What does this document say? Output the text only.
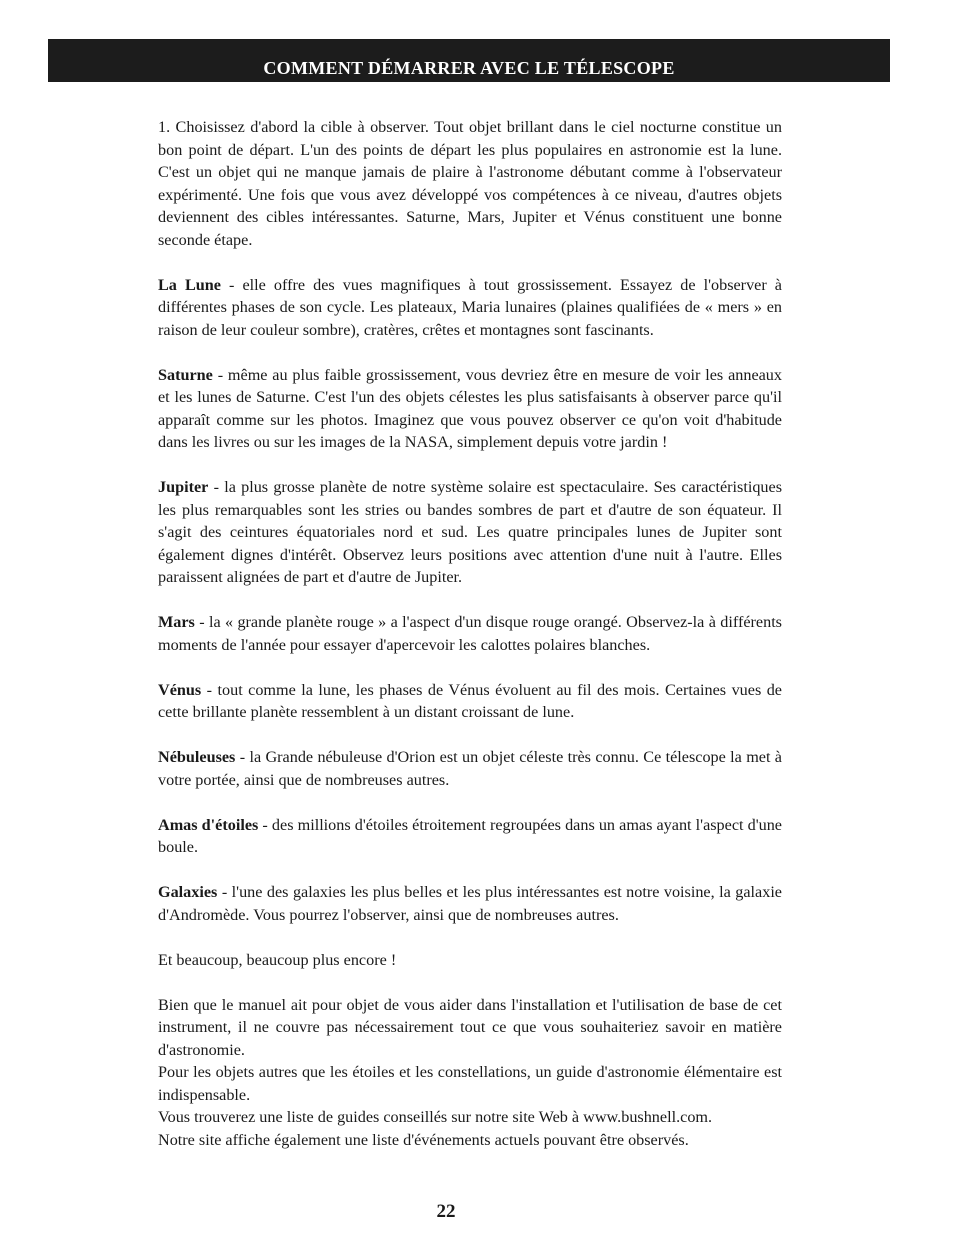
COMMENT DÉMARRER AVEC LE TÉLESCOPE

1. Choisissez d'abord la cible à observer. Tout objet brillant dans le ciel nocturne constitue un bon point de départ. L'un des points de départ les plus populaires en astronomie est la lune. C'est un objet qui ne manque jamais de plaire à l'astronome débutant comme à l'observateur expérimenté. Une fois que vous avez développé vos compétences à ce niveau, d'autres objets deviennent des cibles intéressantes. Saturne, Mars, Jupiter et Vénus constituent une bonne seconde étape.

La Lune - elle offre des vues magnifiques à tout grossissement. Essayez de l'observer à différentes phases de son cycle. Les plateaux, Maria lunaires (plaines qualifiées de « mers » en raison de leur couleur sombre), cratères, crêtes et montagnes sont fascinants.

Saturne - même au plus faible grossissement, vous devriez être en mesure de voir les anneaux et les lunes de Saturne. C'est l'un des objets célestes les plus satisfaisants à observer parce qu'il apparaît comme sur les photos. Imaginez que vous pouvez observer ce qu'on voit d'habitude dans les livres ou sur les images de la NASA, simplement depuis votre jardin !

Jupiter - la plus grosse planète de notre système solaire est spectaculaire. Ses caractéristiques les plus remarquables sont les stries ou bandes sombres de part et d'autre de son équateur. Il s'agit des ceintures équatoriales nord et sud. Les quatre principales lunes de Jupiter sont également dignes d'intérêt. Observez leurs positions avec attention d'une nuit à l'autre. Elles paraissent alignées de part et d'autre de Jupiter.

Mars - la « grande planète rouge » a l'aspect d'un disque rouge orangé. Observez-la à différents moments de l'année pour essayer d'apercevoir les calottes polaires blanches.

Vénus - tout comme la lune, les phases de Vénus évoluent au fil des mois. Certaines vues de cette brillante planète ressemblent à un distant croissant de lune.

Nébuleuses - la Grande nébuleuse d'Orion est un objet céleste très connu. Ce télescope la met à votre portée, ainsi que de nombreuses autres.

Amas d'étoiles - des millions d'étoiles étroitement regroupées dans un amas ayant l'aspect d'une boule.

Galaxies - l'une des galaxies les plus belles et les plus intéressantes est notre voisine, la galaxie d'Andromède. Vous pourrez l'observer, ainsi que de nombreuses autres.

Et beaucoup, beaucoup plus encore !

Bien que le manuel ait pour objet de vous aider dans l'installation et l'utilisation de base de cet instrument, il ne couvre pas nécessairement tout ce que vous souhaiteriez savoir en matière d'astronomie.

Pour les objets autres que les étoiles et les constellations, un guide d'astronomie élémentaire est indispensable.

Vous trouverez une liste de guides conseillés sur notre site Web à www.bushnell.com.

Notre site affiche également une liste d'événements actuels pouvant être observés.

22
